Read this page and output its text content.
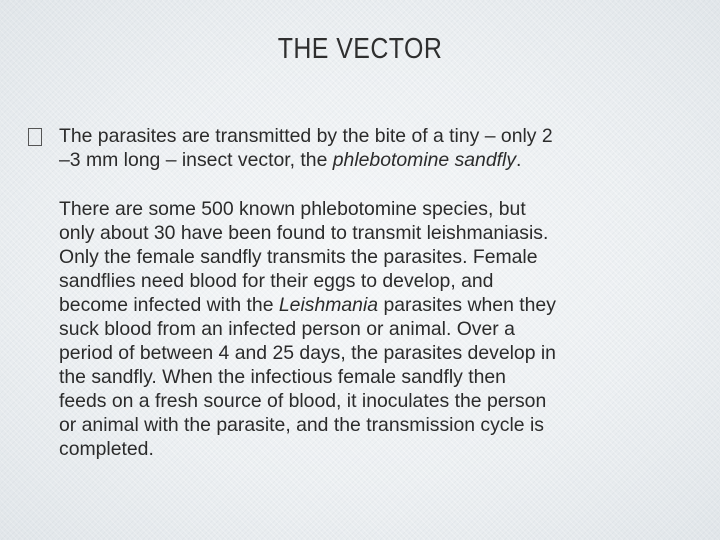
THE VECTOR

The parasites are transmitted by the bite of a tiny – only 2
–3 mm long – insect vector, the phlebotomine sandfly.

There are some 500 known phlebotomine species, but
only about 30 have been found to transmit leishmaniasis.
Only the female sandfly transmits the parasites. Female
sandflies need blood for their eggs to develop, and
become infected with the Leishmania parasites when they
suck blood from an infected person or animal. Over a
period of between 4 and 25 days, the parasites develop in
the sandfly. When the infectious female sandfly then
feeds on a fresh source of blood, it inoculates the person
or animal with the parasite, and the transmission cycle is
completed.
